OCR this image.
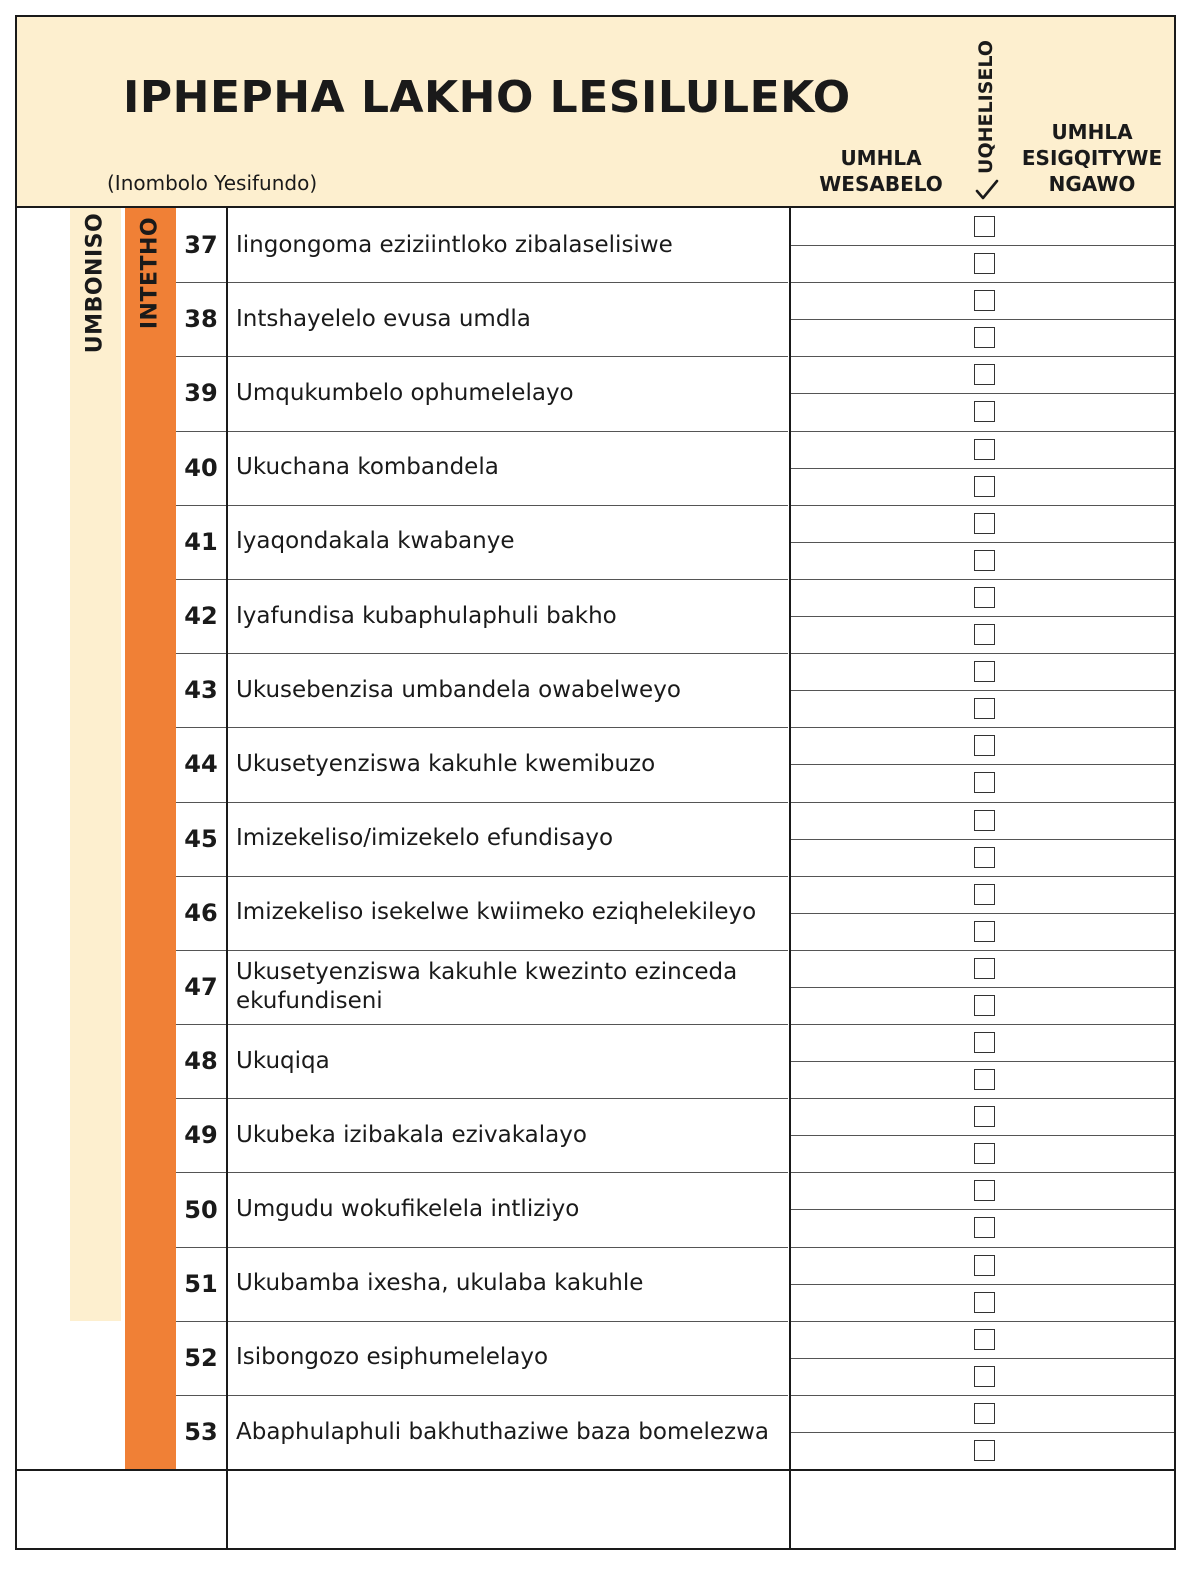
IPHEPHA LAKHO LESILULEKO
(Inombolo Yesifundo)
UMHLA
WESABELO
UQHELISELO	UMHLA
ESIGQITYWE
NGAWO
UMBONISO INTETHO 37 Iingongoma eziziintloko zibalaselisiwe
38 Intshayelelo evusa umdla
39 Umqukumbelo ophumelelayo
40 Ukuchana kombandela
41 Iyaqondakala kwabanye
42 Iyafundisa kubaphulaphuli bakho
43 Ukusebenzisa umbandela owabelweyo
44 Ukusetyenziswa kakuhle kwemibuzo
45 Imizekeliso/imizekelo efundisayo
46 Imizekeliso isekelwe kwiimeko eziqhelekileyo
47
Ukusetyenziswa kakuhle kwezinto ezinceda ekufundiseni
48 Ukuqiqa
49 Ukubeka izibakala ezivakalayo
50 Umgudu wokufikelela intliziyo
51 Ukubamba ixesha, ukulaba kakuhle
52 Isibongozo esiphumelelayo
53 Abaphulaphuli bakhuthaziwe baza bomelezwa
